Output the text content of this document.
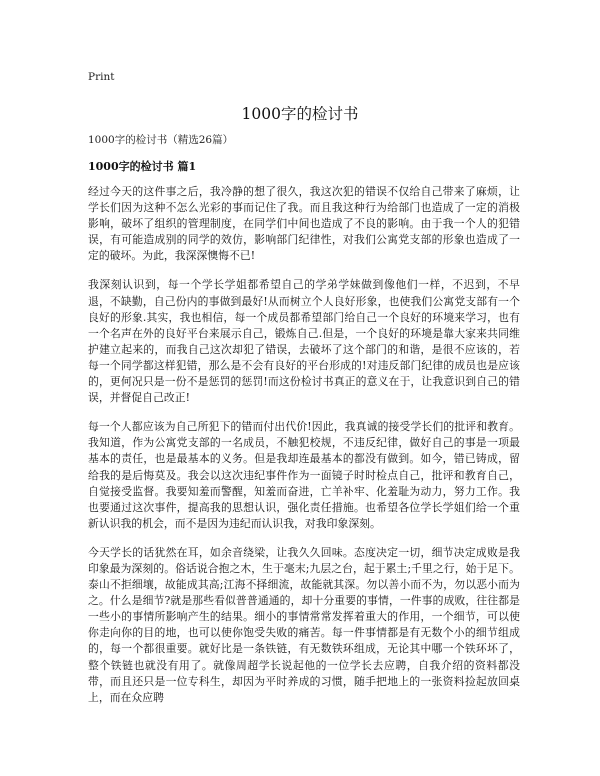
Print
1000字的检讨书
1000字的检讨书（精选26篇）
1000字的检讨书 篇1

经过今天的这件事之后，我冷静的想了很久，我这次犯的错误不仅给自己带来了麻烦，让学长们因为这种不怎么光彩的事而记住了我。而且我这种行为给部门也造成了一定的消极影响，破坏了组织的管理制度，在同学们中间也造成了不良的影响。由于我一个人的犯错误，有可能造成别的同学的效仿，影响部门纪律性，对我们公寓党支部的形象也造成了一定的破坏。为此，我深深懊悔不已!

我深刻认识到，每一个学长学姐都希望自己的学弟学妹做到像他们一样，不迟到，不早退，不缺勤，自己份内的事做到最好!从而树立个人良好形象，也使我们公寓党支部有一个良好的形象.其实，我也相信，每一个成员都希望部门给自己一个良好的环境来学习，也有一个名声在外的良好平台来展示自己，锻炼自己.但是，一个良好的环境是靠大家来共同维护建立起来的，而我自己这次却犯了错误，去破坏了这个部门的和谐，是很不应该的，若每一个同学都这样犯错，那么是不会有良好的平台形成的!对违反部门纪律的成员也是应该的，更何况只是一份不是惩罚的惩罚!而这份检讨书真正的意义在于，让我意识到自己的错误，并督促自己改正!

每一个人都应该为自己所犯下的错而付出代价!因此，我真诚的接受学长们的批评和教育。我知道，作为公寓党支部的一名成员，不触犯校规，不违反纪律，做好自己的事是一项最基本的责任，也是最基本的义务。但是我却连最基本的都没有做到。如今，错已铸成，留给我的是后悔莫及。我会以这次违纪事件作为一面镜子时时检点自己，批评和教育自己，自觉接受监督。我要知羞而警醒，知羞而奋进，亡羊补牢、化羞耻为动力，努力工作。我也要通过这次事件，提高我的思想认识，强化责任措施。也希望各位学长学姐们给一个重新认识我的机会，而不是因为违纪而认识我，对我印象深刻。

今天学长的话犹然在耳，如余音绕梁，让我久久回味。态度决定一切，细节决定成败是我印象最为深刻的。俗话说合抱之木，生于毫末;九层之台，起于累土;千里之行，始于足下。泰山不拒细壤，故能成其高;江海不择细流，故能就其深。勿以善小而不为，勿以恶小而为之。什么是细节?就是那些看似普普通通的，却十分重要的事情，一件事的成败，往往都是一些小的事情所影响产生的结果。细小的事情常常发挥着重大的作用，一个细节，可以使你走向你的目的地，也可以使你饱受失败的痛苦。每一件事情都是有无数个小的细节组成的，每一个都很重要。就好比是一条铁链，有无数铁环组成，无论其中哪一个铁环坏了，整个铁链也就没有用了。就像周超学长说起他的一位学长去应聘，自我介绍的资料都没带，而且还只是一位专科生，却因为平时养成的习惯，随手把地上的一张资料捡起放回桌上，而在众应聘
